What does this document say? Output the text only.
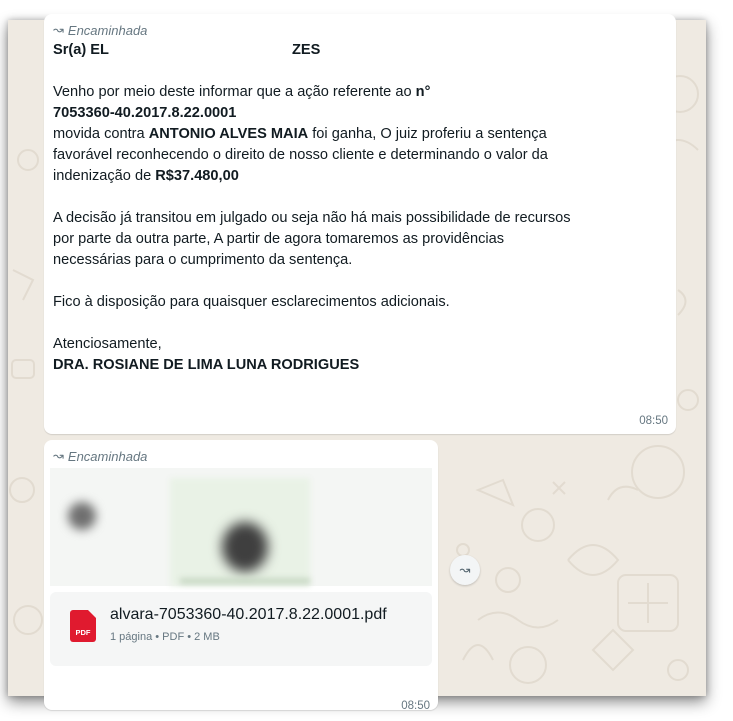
↝ Encaminhada
Sr(a) EL	ZES
Venho por meio deste informar que a ação referente ao n°
7053360-40.2017.8.22.0001
movida contra ANTONIO ALVES MAIA foi ganha, O juiz proferiu a sentença
favorável reconhecendo o direito de nosso cliente e determinando o valor da
indenização de R$37.480,00
A decisão já transitou em julgado ou seja não há mais possibilidade de recursos
por parte da outra parte, A partir de agora tomaremos as providências
necessárias para o cumprimento da sentença.
Fico à disposição para quaisquer esclarecimentos adicionais.
Atenciosamente,
DRA. ROSIANE DE LIMA LUNA RODRIGUES
08:50
↝ Encaminhada
PDF
alvara-7053360-40.2017.8.22.0001.pdf
1 página • PDF • 2 MB
08:50
↝
